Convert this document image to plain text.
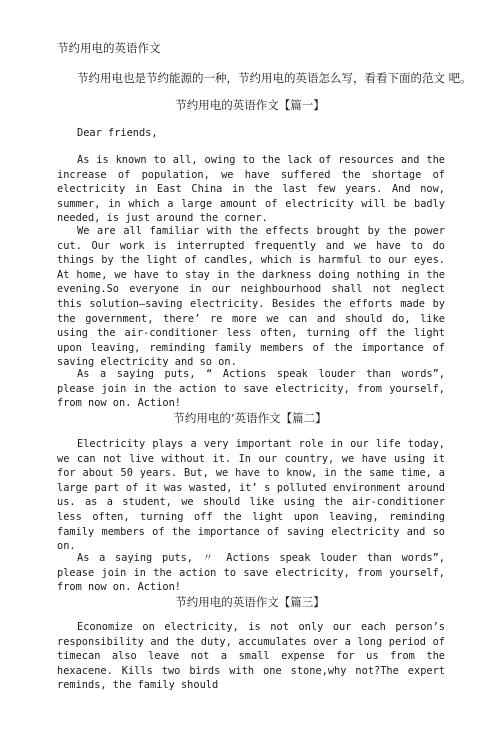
节约用电的英语作文
节约用电也是节约能源的一种，节约用电的英语怎么写，看看下面的范文 吧。
节约用电的英语作文【篇一】

Dear friends,

As is known to all, owing to the lack of resources and the increase of population, we have suffered the shortage of electricity in East China in the last few years. And now, summer, in which a large amount of electricity will be badly needed, is just around the corner.

We are all familiar with the effects brought by the power cut. Our work is interrupted frequently and we have to do things by the light of candles, which is harmful to our eyes. At home, we have to stay in the darkness doing nothing in the evening.So everyone in our neighbourhood shall not neglect this solution—saving electricity. Besides the efforts made by the government, there’ re more we can and should do, like using the air-conditioner less often, turning off the light upon leaving, reminding family members of the importance of saving electricity and so on.

As a saying puts, “ Actions speak louder than words”, please join in the action to save electricity, from yourself, from now on. Action!

节约用电的’英语作文【篇二】

Electricity plays a very important role in our life today, we can not live without it. In our country, we have using it for about 50 years. But, we have to know, in the same time, a large part of it was wasted, it’ s polluted environment around us. as a student, we should like using the air-conditioner less often, turning off the light upon leaving, reminding family members of the importance of saving electricity and so on.

As a saying puts, 〃 Actions speak louder than words”, please join in the action to save electricity, from yourself, from now on. Action!

节约用电的英语作文【篇三】

Economize on electricity, is not only our each person’s responsibility and the duty, accumulates over a long period of timecan also leave not a small expense for us from the hexacene. Kills two birds with one stone,why not?The expert reminds, the family should
